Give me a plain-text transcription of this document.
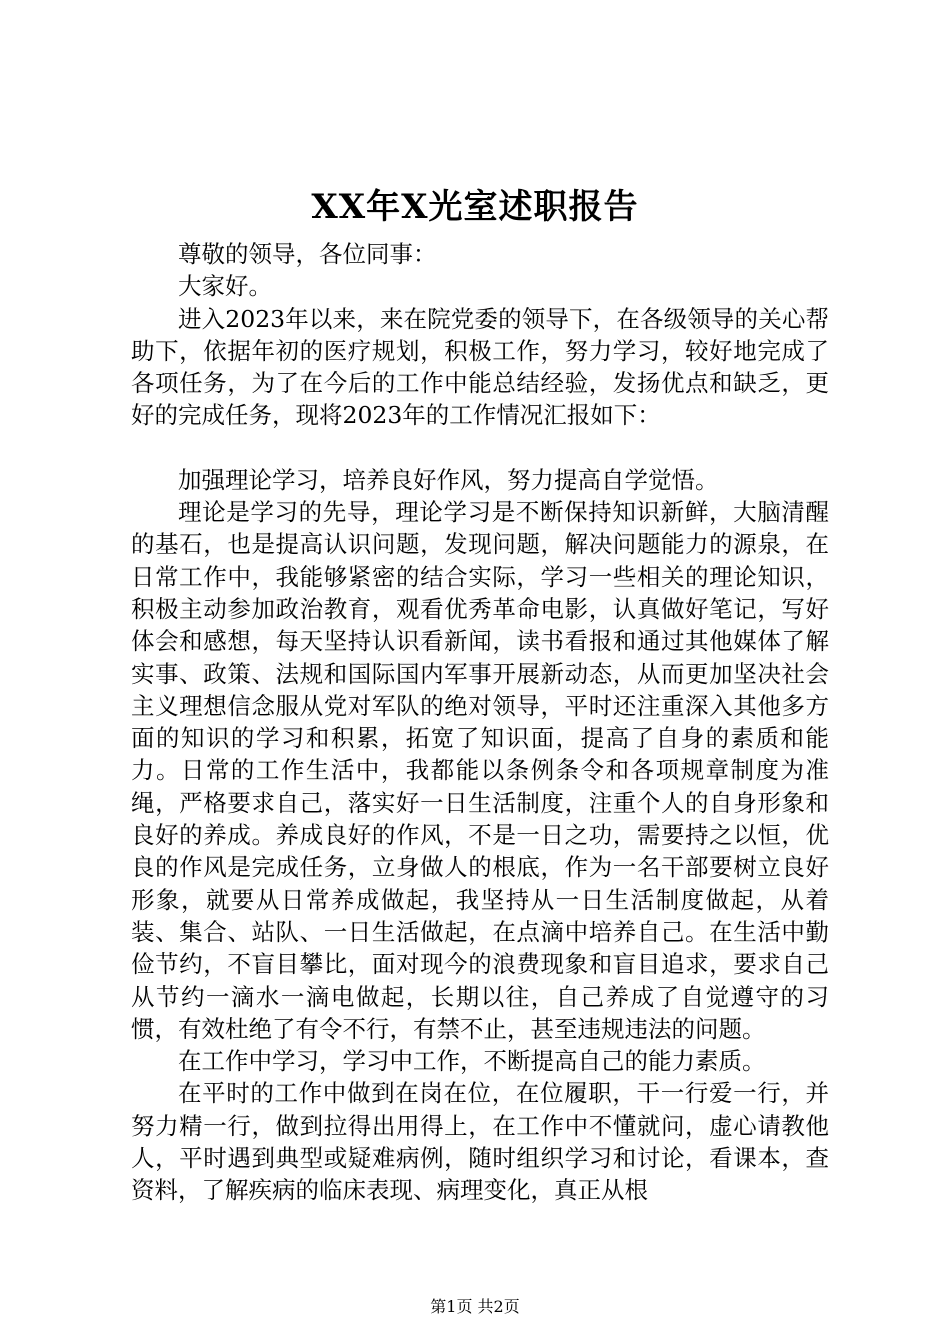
XX年X光室述职报告

尊敬的领导，各位同事：

大家好。

进入2023年以来，来在院党委的领导下，在各级领导的关心帮助下，依据年初的医疗规划，积极工作，努力学习，较好地完成了各项任务，为了在今后的工作中能总结经验，发扬优点和缺乏，更好的完成任务，现将2023年的工作情况汇报如下：

加强理论学习，培养良好作风，努力提高自学觉悟。

理论是学习的先导，理论学习是不断保持知识新鲜，大脑清醒的基石，也是提高认识问题，发现问题，解决问题能力的源泉，在日常工作中，我能够紧密的结合实际，学习一些相关的理论知识，积极主动参加政治教育，观看优秀革命电影，认真做好笔记，写好体会和感想，每天坚持认识看新闻，读书看报和通过其他媒体了解实事、政策、法规和国际国内军事开展新动态，从而更加坚决社会主义理想信念服从党对军队的绝对领导，平时还注重深入其他多方面的知识的学习和积累，拓宽了知识面，提高了自身的素质和能力。日常的工作生活中，我都能以条例条令和各项规章制度为准绳，严格要求自己，落实好一日生活制度，注重个人的自身形象和良好的养成。养成良好的作风，不是一日之功，需要持之以恒，优良的作风是完成任务，立身做人的根底，作为一名干部要树立良好形象，就要从日常养成做起，我坚持从一日生活制度做起，从着装、集合、站队、一日生活做起，在点滴中培养自己。在生活中勤俭节约，不盲目攀比，面对现今的浪费现象和盲目追求，要求自己从节约一滴水一滴电做起，长期以往，自己养成了自觉遵守的习惯，有效杜绝了有令不行，有禁不止，甚至违规违法的问题。

在工作中学习，学习中工作，不断提高自己的能力素质。

在平时的工作中做到在岗在位，在位履职，干一行爱一行，并努力精一行，做到拉得出用得上，在工作中不懂就问，虚心请教他人，平时遇到典型或疑难病例，随时组织学习和讨论，看课本，查资料，了解疾病的临床表现、病理变化，真正从根

第1页 共2页
